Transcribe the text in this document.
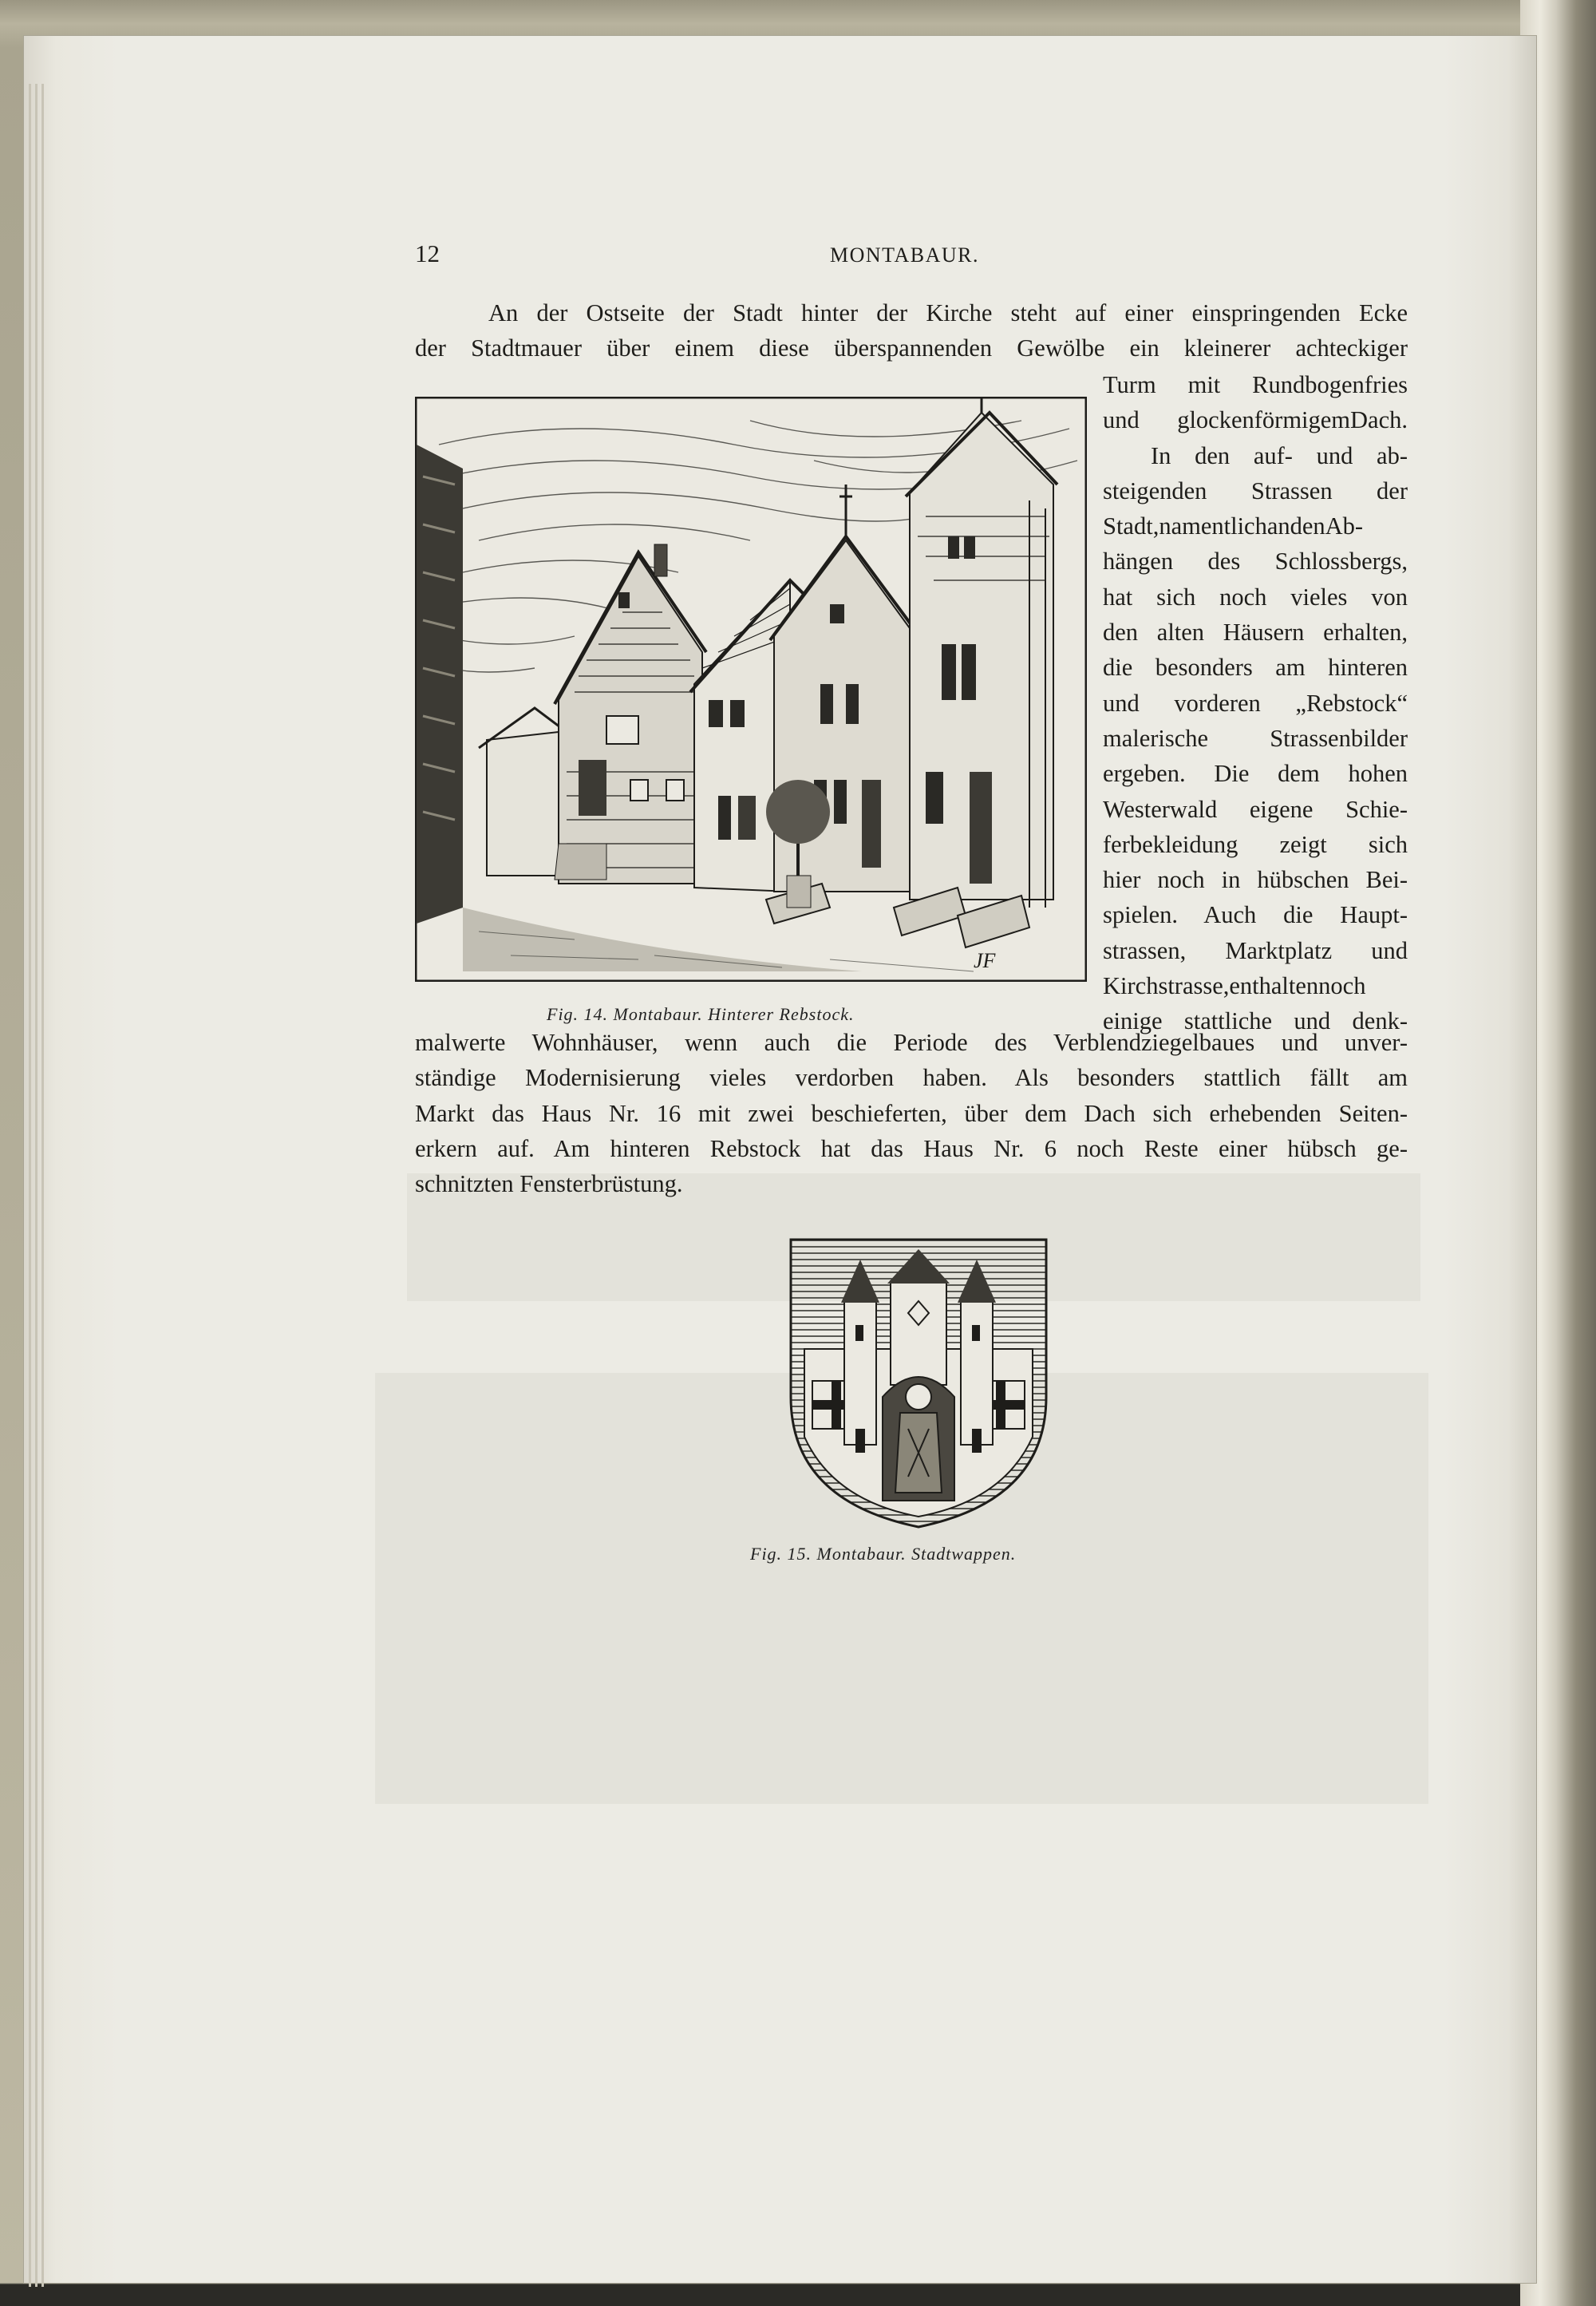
12	MONTABAUR.
An der Ostseite der Stadt hinter der Kirche steht auf einer einspringenden Ecke
der Stadtmauer über einem diese überspannenden Gewölbe ein kleinerer achteckiger
Turm mit Rundbogenfries
und glockenförmigemDach.
In den auf- und ab-
steigenden Strassen der
Stadt,namentlichandenAb-
hängen des Schlossbergs,
hat sich noch vieles von
den alten Häusern erhalten,
die besonders am hinteren
und vorderen „Rebstock“
malerische Strassenbilder
ergeben. Die dem hohen
Westerwald eigene Schie-
ferbekleidung zeigt sich
hier noch in hübschen Bei-
spielen. Auch die Haupt-
strassen, Marktplatz und
Kirchstrasse,enthaltennoch
einige stattliche und denk-
malwerte Wohnhäuser, wenn auch die Periode des Verblendziegelbaues und unver-
ständige Modernisierung vieles verdorben haben. Als besonders stattlich fällt am
Markt das Haus Nr. 16 mit zwei beschieferten, über dem Dach sich erhebenden Seiten-
erkern auf. Am hinteren Rebstock hat das Haus Nr. 6 noch Reste einer hübsch ge-
schnitzten Fensterbrüstung.
JF
Fig. 14. Montabaur. Hinterer Rebstock.
Fig. 15. Montabaur. Stadtwappen.
